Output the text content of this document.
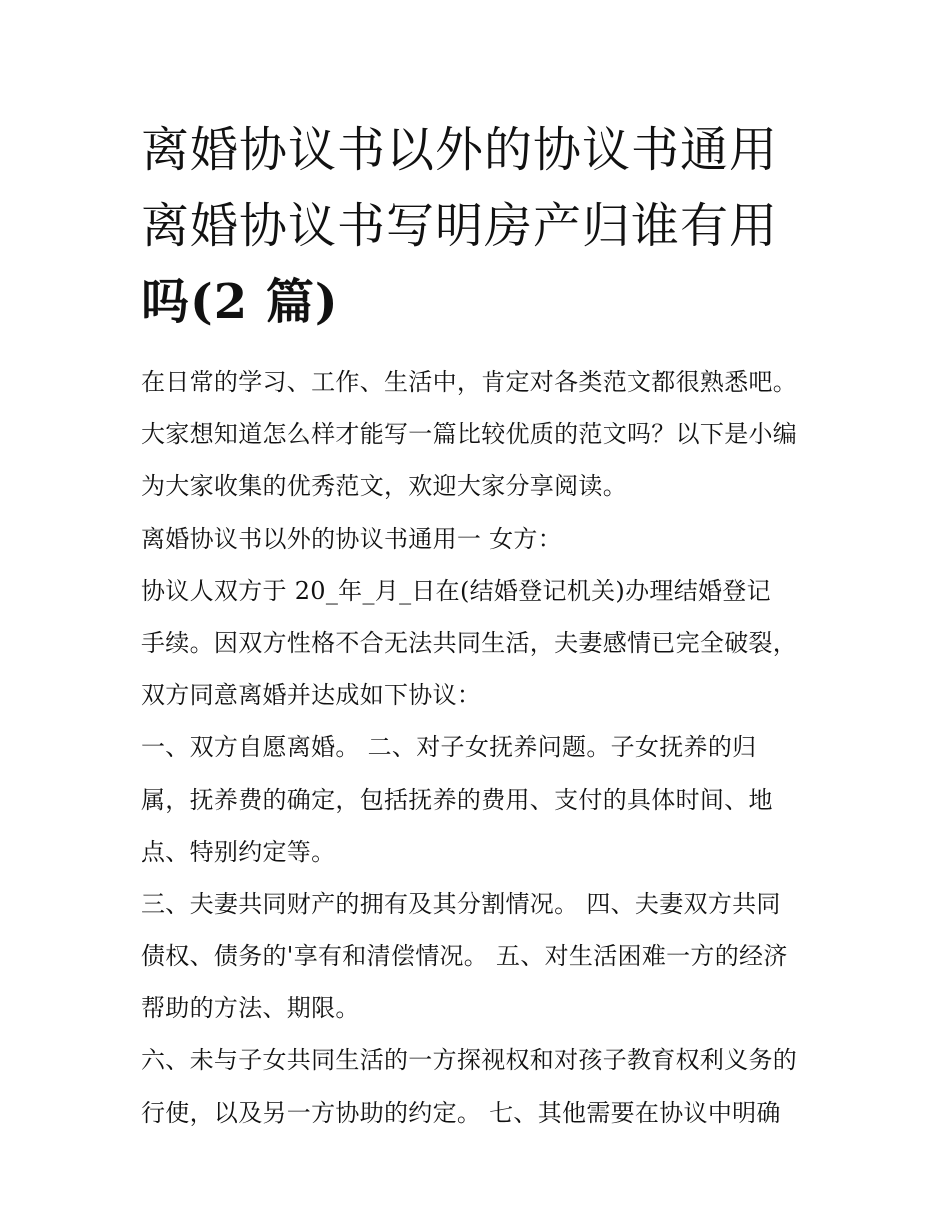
离婚协议书以外的协议书通用
离婚协议书写明房产归谁有用
吗(2 篇)
在日常的学习、工作、生活中，肯定对各类范文都很熟悉吧。
大家想知道怎么样才能写一篇比较优质的范文吗？以下是小编
为大家收集的优秀范文，欢迎大家分享阅读。
离婚协议书以外的协议书通用一 女方：
协议人双方于 20_年_月_日在(结婚登记机关)办理结婚登记
手续。因双方性格不合无法共同生活，夫妻感情已完全破裂，
双方同意离婚并达成如下协议：
一、双方自愿离婚。 二、对子女抚养问题。子女抚养的归
属，抚养费的确定，包括抚养的费用、支付的具体时间、地
点、特别约定等。
三、夫妻共同财产的拥有及其分割情况。 四、夫妻双方共同
债权、债务的'享有和清偿情况。 五、对生活困难一方的经济
帮助的方法、期限。
六、未与子女共同生活的一方探视权和对孩子教育权利义务的
行使，以及另一方协助的约定。 七、其他需要在协议中明确
